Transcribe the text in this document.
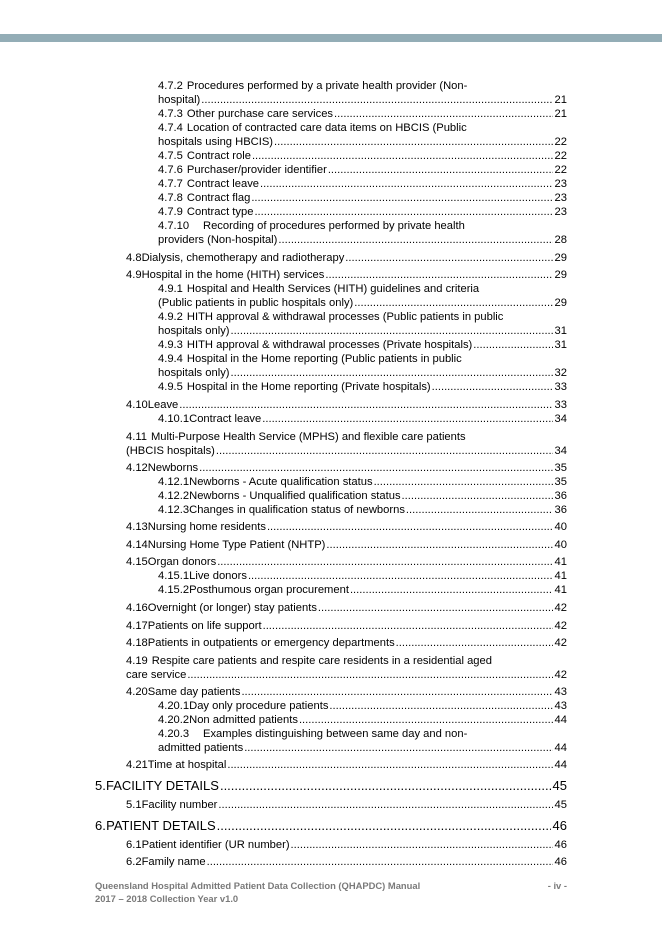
4.7.2 Procedures performed by a private health provider (Non-
hospital) .....	21
4.7.3 Other purchase care services .....	21
4.7.4 Location of contracted care data items on HBCIS (Public
hospitals using HBCIS) .....	22
4.7.5 Contract role .....	22
4.7.6 Purchaser/provider identifier .....	22
4.7.7 Contract leave .....	23
4.7.8 Contract flag .....	23
4.7.9 Contract type .....	23
4.7.10	Recording of procedures performed by private health
providers (Non-hospital) .....	28
4.8 Dialysis, chemotherapy and radiotherapy .....	29
4.9 Hospital in the home (HITH) services .....	29
4.9.1 Hospital and Health Services (HITH) guidelines and criteria
(Public patients in public hospitals only) .....	29
4.9.2 HITH approval & withdrawal processes (Public patients in public
hospitals only) .....	31
4.9.3 HITH approval & withdrawal processes (Private hospitals) .....	31
4.9.4 Hospital in the Home reporting (Public patients in public
hospitals only) .....	32
4.9.5 Hospital in the Home reporting (Private hospitals) .....	33
4.10 Leave .....	33
4.10.1 Contract leave .....	34
4.11 Multi-Purpose Health Service (MPHS) and flexible care patients
(HBCIS hospitals) .....	34
4.12 Newborns .....	35
4.12.1 Newborns - Acute qualification status .....	35
4.12.2 Newborns - Unqualified qualification status .....	36
4.12.3 Changes in qualification status of newborns .....	36
4.13 Nursing home residents .....	40
4.14 Nursing Home Type Patient (NHTP) .....	40
4.15 Organ donors .....	41
4.15.1 Live donors .....	41
4.15.2 Posthumous organ procurement .....	41
4.16 Overnight (or longer) stay patients .....	42
4.17 Patients on life support .....	42
4.18 Patients in outpatients or emergency departments .....	42
4.19 Respite care patients and respite care residents in a residential aged
care service .....	42
4.20 Same day patients .....	43
4.20.1 Day only procedure patients .....	43
4.20.2 Non admitted patients .....	44
4.20.3	Examples distinguishing between same day and non-
admitted patients .....	44
4.21 Time at hospital .....	44
5. FACILITY DETAILS .....	45
5.1 Facility number .....	45
6. PATIENT DETAILS .....	46
6.1 Patient identifier (UR number) .....	46
6.2 Family name .....	46
Queensland Hospital Admitted Patient Data Collection (QHAPDC) Manual	- iv -
2017 – 2018 Collection Year v1.0
